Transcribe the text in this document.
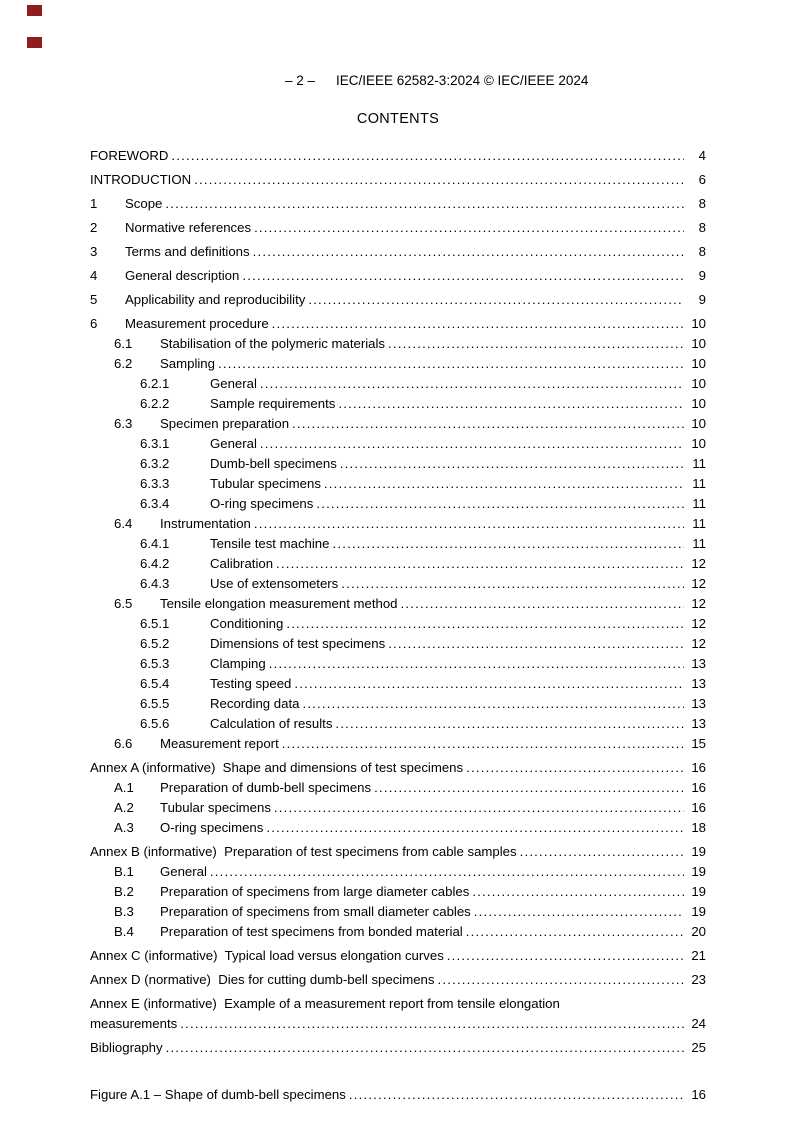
– 2 – IEC/IEEE 62582-3:2024 © IEC/IEEE 2024
CONTENTS
FOREWORD .....	4
INTRODUCTION .....	6
1	Scope .....	8
2	Normative references .....	8
3	Terms and definitions .....	8
4	General description .....	9
5	Applicability and reproducibility .....	9
6	Measurement procedure .....	10
6.1	Stabilisation of the polymeric materials .....	10
6.2	Sampling .....	10
6.2.1	General .....	10
6.2.2	Sample requirements .....	10
6.3	Specimen preparation .....	10
6.3.1	General .....	10
6.3.2	Dumb-bell specimens .....	11
6.3.3	Tubular specimens .....	11
6.3.4	O-ring specimens .....	11
6.4	Instrumentation .....	11
6.4.1	Tensile test machine .....	11
6.4.2	Calibration .....	12
6.4.3	Use of extensometers .....	12
6.5	Tensile elongation measurement method .....	12
6.5.1	Conditioning .....	12
6.5.2	Dimensions of test specimens .....	12
6.5.3	Clamping .....	13
6.5.4	Testing speed .....	13
6.5.5	Recording data .....	13
6.5.6	Calculation of results .....	13
6.6	Measurement report .....	15
Annex A (informative)  Shape and dimensions of test specimens .....	16
A.1	Preparation of dumb-bell specimens .....	16
A.2	Tubular specimens .....	16
A.3	O-ring specimens .....	18
Annex B (informative)  Preparation of test specimens from cable samples .....	19
B.1	General .....	19
B.2	Preparation of specimens from large diameter cables .....	19
B.3	Preparation of specimens from small diameter cables .....	19
B.4	Preparation of test specimens from bonded material .....	20
Annex C (informative)  Typical load versus elongation curves .....	21
Annex D (normative)  Dies for cutting dumb-bell specimens .....	23
Annex E (informative)  Example of a measurement report from tensile elongation
measurements .....	24
Bibliography .....	25
Figure A.1 – Shape of dumb-bell specimens .....	16
